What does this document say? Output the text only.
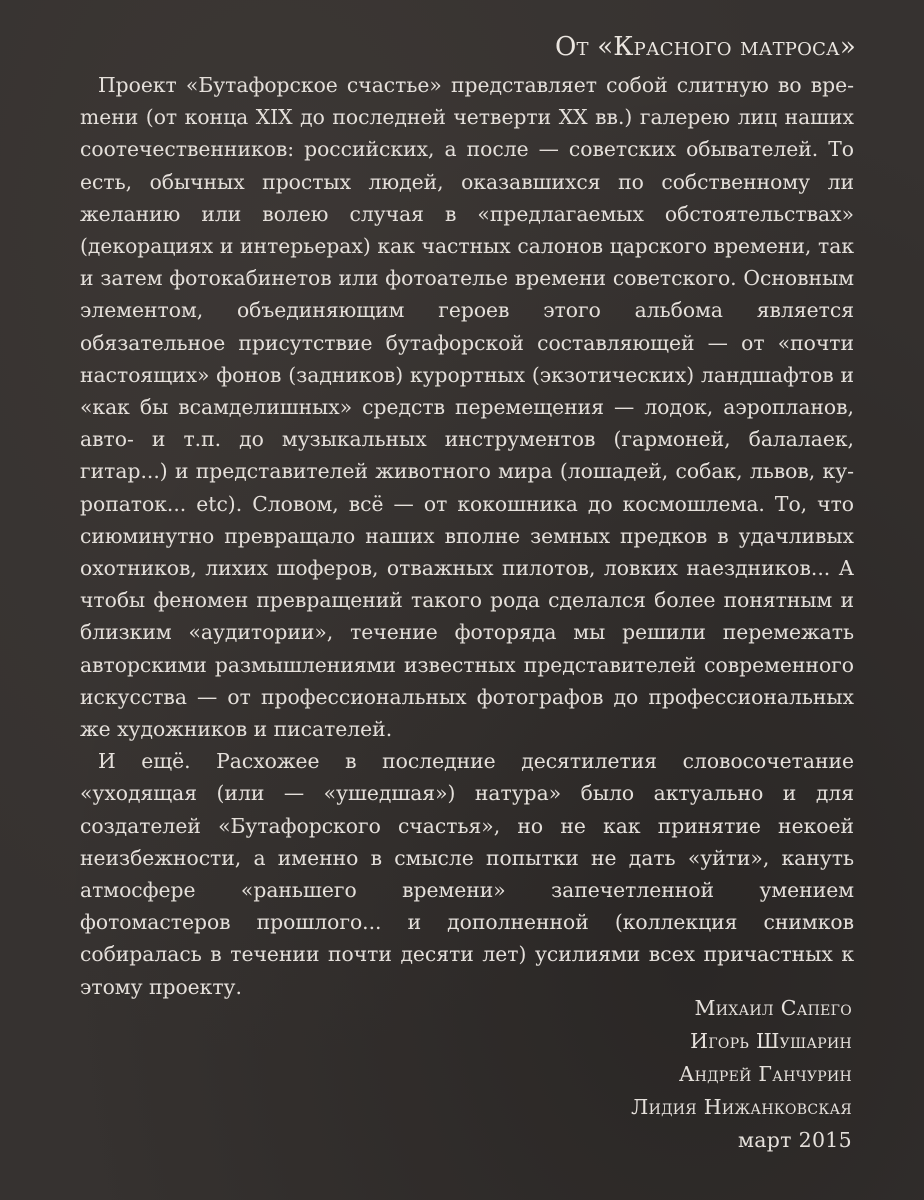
От «Красного матроса»

Проект «Бутафорское счастье» представляет собой слитную во вреmени (от конца XIX до последней четверти XX вв.) галерею лиц наших соотечественников: российских, а после — советских обывателей. То есть, обычных простых людей, оказавшихся по собственному ли желанию или волею случая в «предлагаемых обстоятельствах» (декорациях и интерьерах) как частных салонов царского времени, так и затем фотокабинетов или фотоателье времени советского. Основным элементом, объединяющим героев этого альбома является обязательное присутствие бутафорской составляющей — от «почти настоящих» фонов (задников) курортных (экзотических) ландшафтов и «как бы всамделишных» средств перемещения — лодок, аэропланов, авто- и т.п. до музыкальных инструментов (гармоней, балалаек, гитар...) и представителей животного мира (лошадей, собак, львов, куропаток... etc). Словом, всё — от кокошника до космошлема. То, что сиюминутно превращало наших вполне земных предков в удачливых охотников, лихих шоферов, отважных пилотов, ловких наездников... А чтобы феномен превращений такого рода сделался более понятным и близким «аудитории», течение фоторяда мы решили перемежать авторскими размышлениями известных представителей современного искусства — от профессиональных фотографов до профессиональных же художников и писателей.

И ещё. Расхожее в последние десятилетия словосочетание «уходящая (или — «ушедшая») натура» было актуально и для создателей «Бутафорского счастья», но не как принятие некоей неизбежности, а именно в смысле попытки не дать «уйти», кануть атмосфере «раньшего времени» запечетленной умением фотомастеров прошлого... и дополненной (коллекция снимков собиралась в течении почти десяти лет) усилиями всех причастных к этому проекту.

Михаил Сапего
Игорь Шушарин
Андрей Ганчурин
Лидия Нижанковская
март 2015
